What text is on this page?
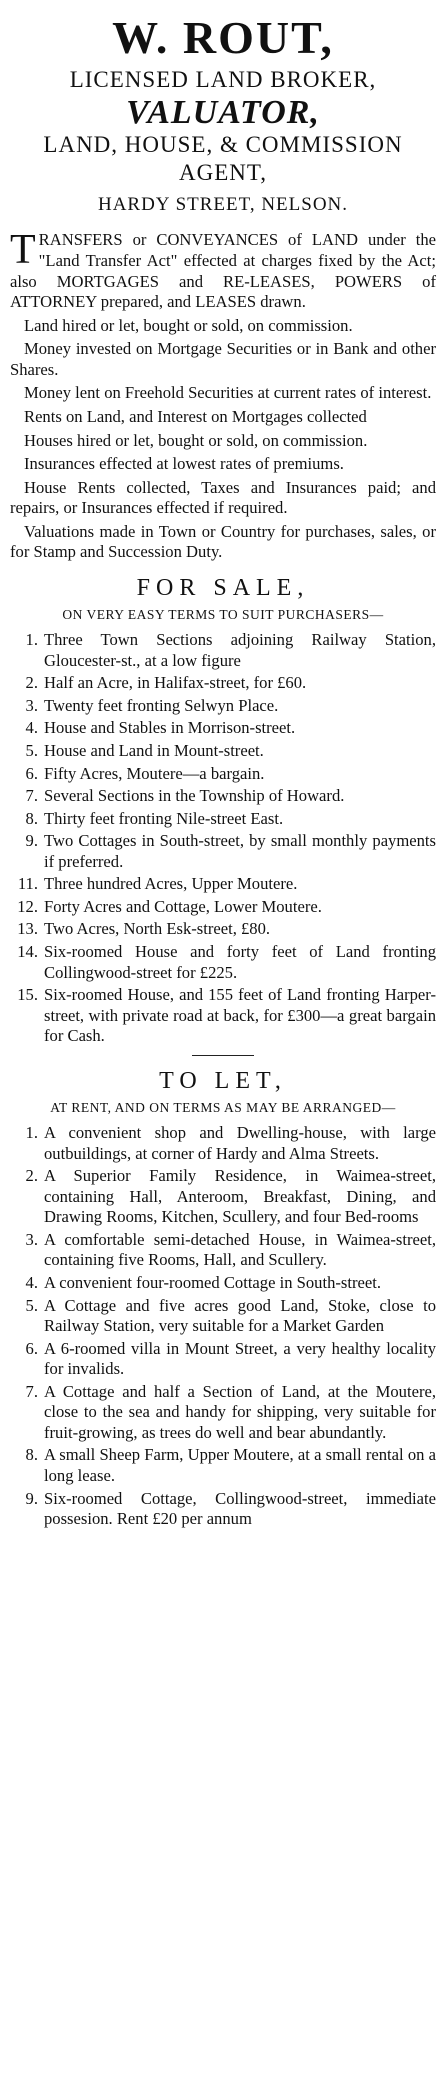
W. ROUT,
LICENSED LAND BROKER,
VALUATOR,
LAND, HOUSE, & COMMISSION
AGENT,
HARDY STREET, NELSON.

TRANSFERS or CONVEYANCES of LAND under the "Land Transfer Act" effected at charges fixed by the Act; also MORTGAGES and RE-LEASES, POWERS of ATTORNEY prepared, and LEASES drawn.

Land hired or let, bought or sold, on commission.

Money invested on Mortgage Securities or in Bank and other Shares.

Money lent on Freehold Securities at current rates of interest.

Rents on Land, and Interest on Mortgages collected

Houses hired or let, bought or sold, on commission.

Insurances effected at lowest rates of premiums.

House Rents collected, Taxes and Insurances paid; and repairs, or Insurances effected if required.

Valuations made in Town or Country for purchases, sales, or for Stamp and Succession Duty.

FOR SALE,
ON VERY EASY TERMS TO SUIT PURCHASERS—
1. Three Town Sections adjoining Railway Station, Gloucester-st., at a low figure
2. Half an Acre, in Halifax-street, for £60.
3. Twenty feet fronting Selwyn Place.
4. House and Stables in Morrison-street.
5. House and Land in Mount-street.
6. Fifty Acres, Moutere—a bargain.
7. Several Sections in the Township of Howard.
8. Thirty feet fronting Nile-street East.
9. Two Cottages in South-street, by small monthly payments if preferred.
11. Three hundred Acres, Upper Moutere.
12. Forty Acres and Cottage, Lower Moutere.
13. Two Acres, North Esk-street, £80.
14. Six-roomed House and forty feet of Land fronting Collingwood-street for £225.
15. Six-roomed House, and 155 feet of Land fronting Harper-street, with private road at back, for £300—a great bargain for Cash.
TO LET,
AT RENT, AND ON TERMS AS MAY BE ARRANGED—
1. A convenient shop and Dwelling-house, with large outbuildings, at corner of Hardy and Alma Streets.
2. A Superior Family Residence, in Waimea-street, containing Hall, Anteroom, Breakfast, Dining, and Drawing Rooms, Kitchen, Scullery, and four Bed-rooms
3. A comfortable semi-detached House, in Waimea-street, containing five Rooms, Hall, and Scullery.
4. A convenient four-roomed Cottage in South-street.
5. A Cottage and five acres good Land, Stoke, close to Railway Station, very suitable for a Market Garden
6. A 6-roomed villa in Mount Street, a very healthy locality for invalids.
7. A Cottage and half a Section of Land, at the Moutere, close to the sea and handy for shipping, very suitable for fruit-growing, as trees do well and bear abundantly.
8. A small Sheep Farm, Upper Moutere, at a small rental on a long lease.
9. Six-roomed Cottage, Collingwood-street, immediate possesion. Rent £20 per annum
